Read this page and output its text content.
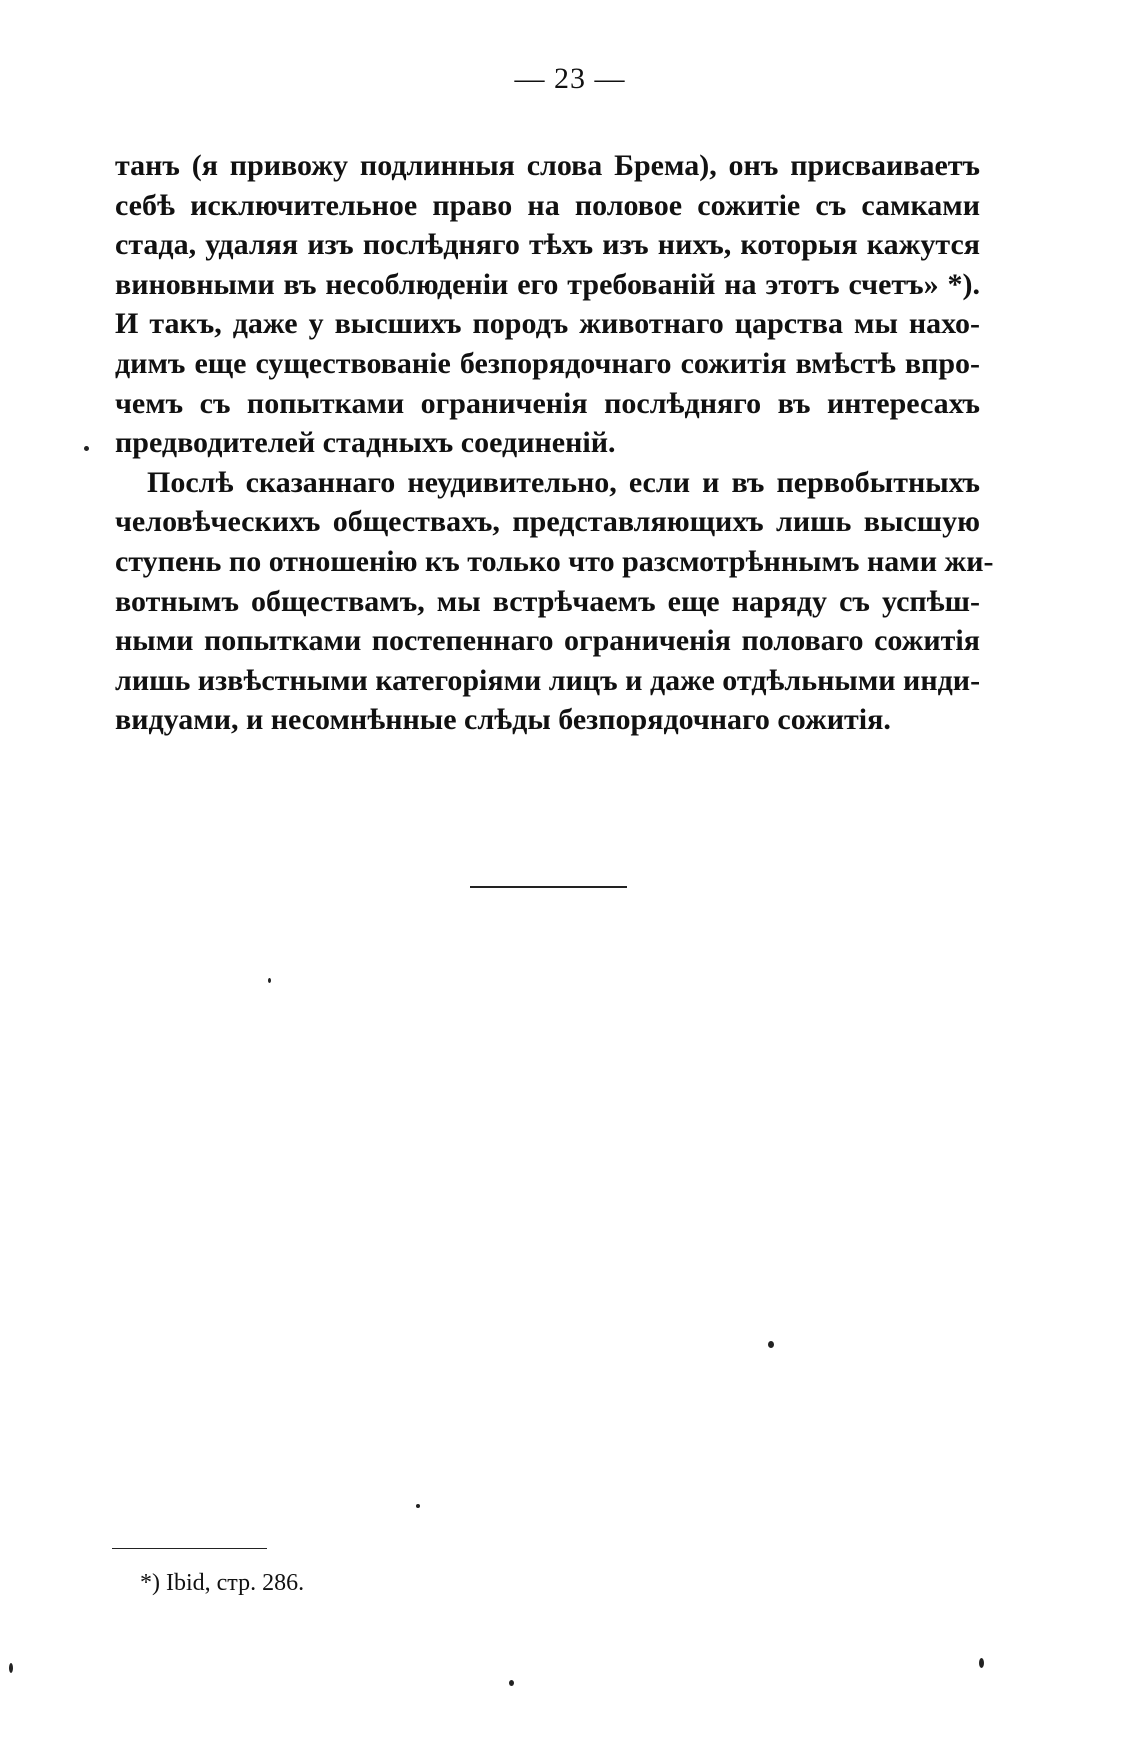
— 23 —
танъ (я привожу подлинныя слова Брема), онъ присваиваетъ
себѣ исключительное право на половое сожитіе съ самками
стада, удаляя изъ послѣдняго тѣхъ изъ нихъ, которыя кажутся
виновными въ несоблюденіи его требованій на этотъ счетъ» *).
И такъ, даже у высшихъ породъ животнаго царства мы нахо-
димъ еще существованіе безпорядочнаго сожитія вмѣстѣ впро-
чемъ съ попытками ограниченія послѣдняго въ интересахъ
предводителей стадныхъ соединеній.
Послѣ сказаннаго неудивительно, если и въ первобытныхъ
человѣческихъ обществахъ, представляющихъ лишь высшую
ступень по отношенію къ только что разсмотрѣннымъ нами жи-
вотнымъ обществамъ, мы встрѣчаемъ еще наряду съ успѣш-
ными попытками постепеннаго ограниченія половаго сожитія
лишь извѣстными категоріями лицъ и даже отдѣльными инди-
видуами, и несомнѣнные слѣды безпорядочнаго сожитія.
*) Ibid, стр. 286.
